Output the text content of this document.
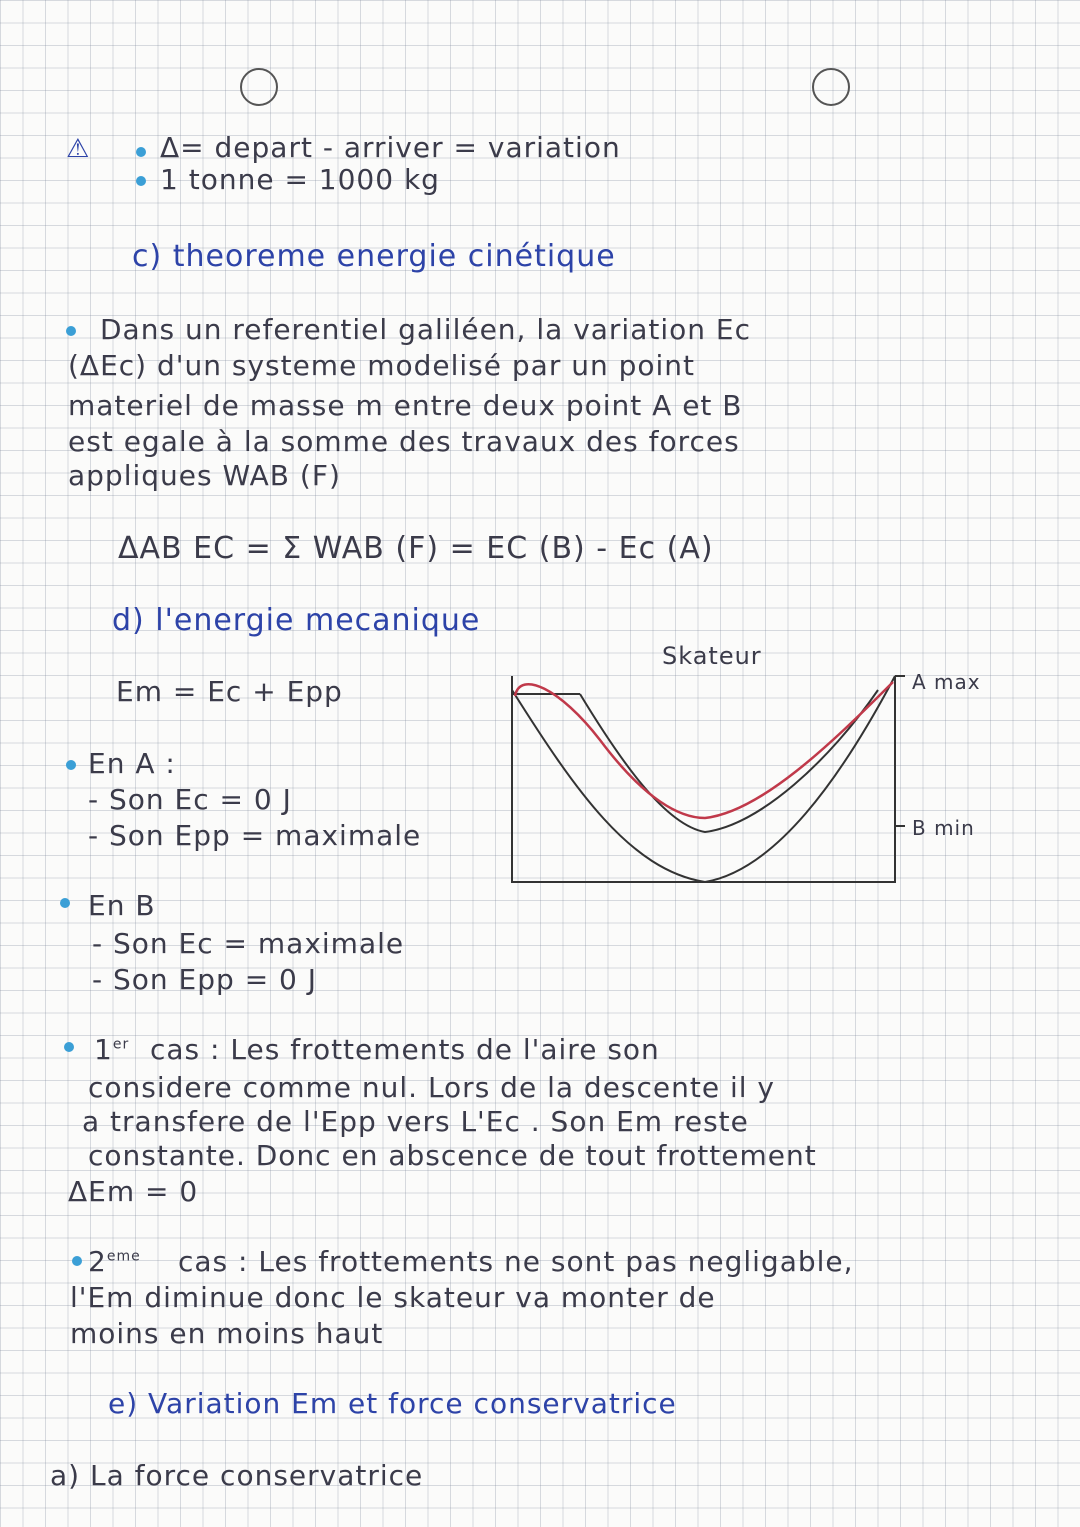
⚠ Δ= depart - arriver = variation
1 tonne = 1000 kg
c) theoreme energie cinétique
Dans un referentiel galiléen, la variation Ec
(ΔEc) d'un systeme modelisé par un point
materiel de masse m entre deux point A et B
est egale à la somme des travaux des forces
appliques WAB (F)
ΔAB EC = Σ WAB (F) = EC (B) - Ec (A)
d) l'energie mecanique
Em = Ec + Epp
Skateur
A max
B min
En A :
- Son Ec = 0 J
- Son Epp = maximale
En B
- Son Ec = maximale
- Son Epp = 0 J
1er cas : Les frottements de l'aire son
considere comme nul. Lors de la descente il y
a transfere de l'Epp vers L'Ec . Son Em reste
constante. Donc en abscence de tout frottement
ΔEm = 0
2eme cas : Les frottements ne sont pas negligable,
l'Em diminue donc le skateur va monter de
moins en moins haut
e) Variation Em et force conservatrice
a) La force conservatrice
